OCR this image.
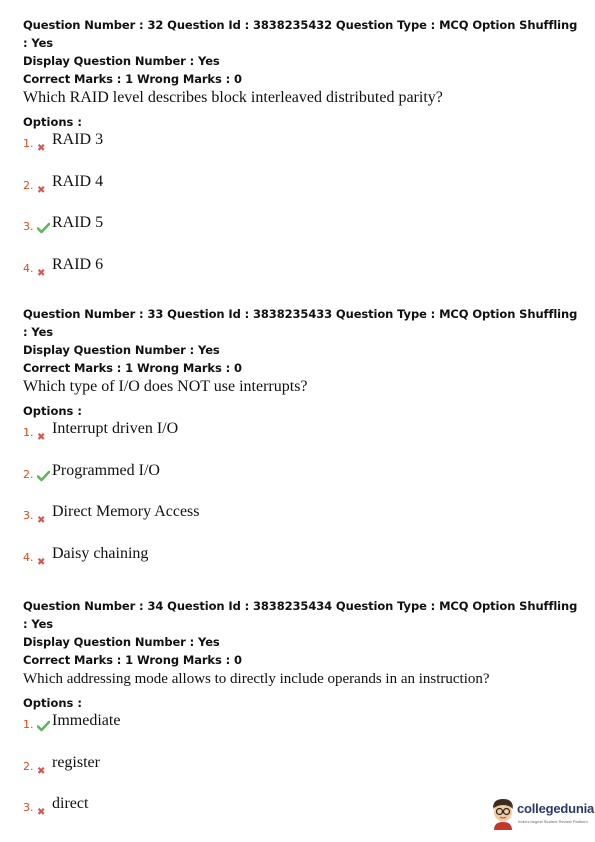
Question Number : 32 Question Id : 3838235432 Question Type : MCQ Option Shuffling : Yes
Display Question Number : Yes
Correct Marks : 1 Wrong Marks : 0
Which RAID level describes block interleaved distributed parity?
Options :
1. ✖
RAID 3
2. ✖
RAID 4
3. RAID 5
4. ✖
RAID 6
Question Number : 33 Question Id : 3838235433 Question Type : MCQ Option Shuffling : Yes
Display Question Number : Yes
Correct Marks : 1 Wrong Marks : 0
Which type of I/O does NOT use interrupts?
Options :
1. ✖
Interrupt driven I/O
2. Programmed I/O
3. ✖
Direct Memory Access
4. ✖
Daisy chaining
Question Number : 34 Question Id : 3838235434 Question Type : MCQ Option Shuffling : Yes
Display Question Number : Yes
Correct Marks : 1 Wrong Marks : 0
Which addressing mode allows to directly include operands in an instruction?
Options :
1. Immediate
2. ✖
register
3. ✖
direct	collegedunia
India's largest Student Review Platform
